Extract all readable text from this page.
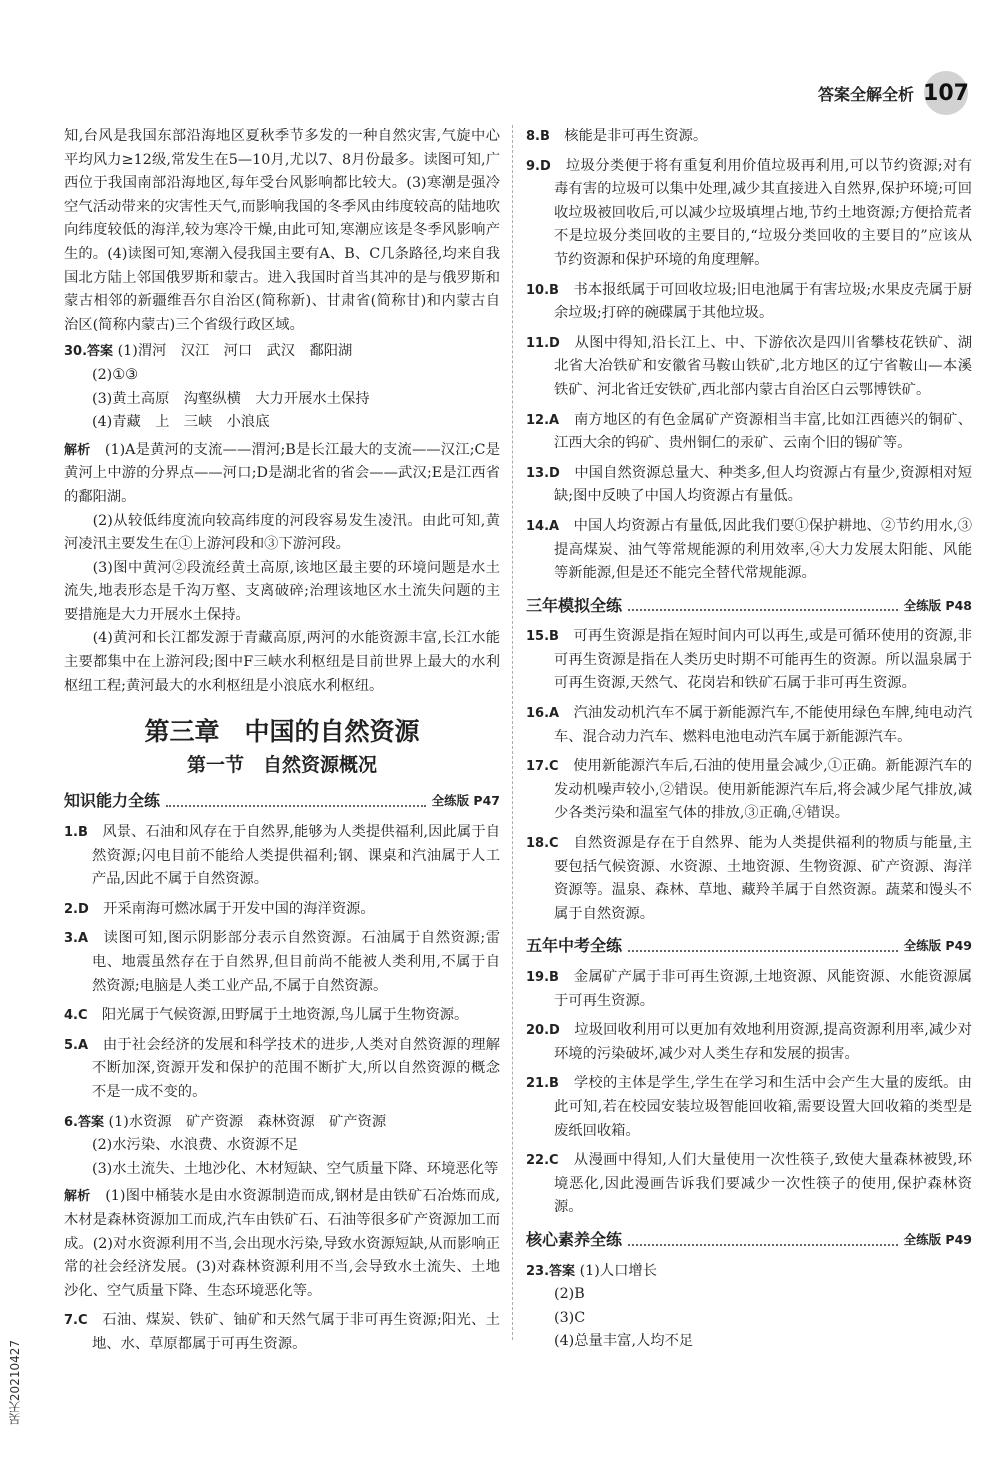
答案全解全析 107
吴天20210427

知,台风是我国东部沿海地区夏秋季节多发的一种自然灾害,气旋中心平均风力≥12级,常发生在5—10月,尤以7、8月份最多。读图可知,广西位于我国南部沿海地区,每年受台风影响都比较大。(3)寒潮是强冷空气活动带来的灾害性天气,而影响我国的冬季风由纬度较高的陆地吹向纬度较低的海洋,较为寒冷干燥,由此可知,寒潮应该是冬季风影响产生的。(4)读图可知,寒潮入侵我国主要有A、B、C几条路径,均来自我国北方陆上邻国俄罗斯和蒙古。进入我国时首当其冲的是与俄罗斯和蒙古相邻的新疆维吾尔自治区(简称新)、甘肃省(简称甘)和内蒙古自治区(简称内蒙古)三个省级行政区域。

30.答案 (1)渭河　汉江　河口　武汉　鄱阳湖

(2)①③

(3)黄土高原　沟壑纵横　大力开展水土保持

(4)青藏　上　三峡　小浪底

解析　 (1)A是黄河的支流——渭河;B是长江最大的支流——汉江;C是黄河上中游的分界点——河口;D是湖北省的省会——武汉;E是江西省的鄱阳湖。

(2)从较低纬度流向较高纬度的河段容易发生凌汛。由此可知,黄河凌汛主要发生在①上游河段和③下游河段。

(3)图中黄河②段流经黄土高原,该地区最主要的环境问题是水土流失,地表形态是千沟万壑、支离破碎;治理该地区水土流失问题的主要措施是大力开展水土保持。

(4)黄河和长江都发源于青藏高原,两河的水能资源丰富,长江水能主要都集中在上游河段;图中F三峡水利枢纽是目前世界上最大的水利枢纽工程;黄河最大的水利枢纽是小浪底水利枢纽。

第三章　中国的自然资源
第一节　自然资源概况
知识能力全练	全练版 P47

1.B　 风景、石油和风存在于自然界,能够为人类提供福利,因此属于自然资源;闪电目前不能给人类提供福利;钢、课桌和汽油属于人工产品,因此不属于自然资源。

2.D　 开采南海可燃冰属于开发中国的海洋资源。

3.A　 读图可知,图示阴影部分表示自然资源。石油属于自然资源;雷电、地震虽然存在于自然界,但目前尚不能被人类利用,不属于自然资源;电脑是人类工业产品,不属于自然资源。

4.C　 阳光属于气候资源,田野属于土地资源,鸟儿属于生物资源。

5.A　 由于社会经济的发展和科学技术的进步,人类对自然资源的理解不断加深,资源开发和保护的范围不断扩大,所以自然资源的概念不是一成不变的。

6.答案 (1)水资源　矿产资源　森林资源　矿产资源

(2)水污染、水浪费、水资源不足

(3)水土流失、土地沙化、木材短缺、空气质量下降、环境恶化等

解析　 (1)图中桶装水是由水资源制造而成,钢材是由铁矿石冶炼而成,木材是森林资源加工而成,汽车由铁矿石、石油等很多矿产资源加工而成。(2)对水资源利用不当,会出现水污染,导致水资源短缺,从而影响正常的社会经济发展。(3)对森林资源利用不当,会导致水土流失、土地沙化、空气质量下降、生态环境恶化等。

7.C　 石油、煤炭、铁矿、铀矿和天然气属于非可再生资源;阳光、土地、水、草原都属于可再生资源。

8.B　 核能是非可再生资源。

9.D　 垃圾分类便于将有重复利用价值垃圾再利用,可以节约资源;对有毒有害的垃圾可以集中处理,减少其直接进入自然界,保护环境;可回收垃圾被回收后,可以减少垃圾填埋占地,节约土地资源;方便拾荒者不是垃圾分类回收的主要目的,“垃圾分类回收的主要目的”应该从节约资源和保护环境的角度理解。

10.B　 书本报纸属于可回收垃圾;旧电池属于有害垃圾;水果皮壳属于厨余垃圾;打碎的碗碟属于其他垃圾。

11.D　 从图中得知,沿长江上、中、下游依次是四川省攀枝花铁矿、湖北省大冶铁矿和安徽省马鞍山铁矿,北方地区的辽宁省鞍山—本溪铁矿、河北省迁安铁矿,西北部内蒙古自治区白云鄂博铁矿。

12.A　 南方地区的有色金属矿产资源相当丰富,比如江西德兴的铜矿、江西大余的钨矿、贵州铜仁的汞矿、云南个旧的锡矿等。

13.D　 中国自然资源总量大、种类多,但人均资源占有量少,资源相对短缺;图中反映了中国人均资源占有量低。

14.A　 中国人均资源占有量低,因此我们要①保护耕地、②节约用水,③提高煤炭、油气等常规能源的利用效率,④大力发展太阳能、风能等新能源,但是还不能完全替代常规能源。

三年模拟全练	全练版 P48

15.B　 可再生资源是指在短时间内可以再生,或是可循环使用的资源,非可再生资源是指在人类历史时期不可能再生的资源。所以温泉属于可再生资源,天然气、花岗岩和铁矿石属于非可再生资源。

16.A　 汽油发动机汽车不属于新能源汽车,不能使用绿色车牌,纯电动汽车、混合动力汽车、燃料电池电动汽车属于新能源汽车。

17.C　 使用新能源汽车后,石油的使用量会减少,①正确。新能源汽车的发动机噪声较小,②错误。使用新能源汽车后,将会减少尾气排放,减少各类污染和温室气体的排放,③正确,④错误。

18.C　 自然资源是存在于自然界、能为人类提供福利的物质与能量,主要包括气候资源、水资源、土地资源、生物资源、矿产资源、海洋资源等。温泉、森林、草地、藏羚羊属于自然资源。蔬菜和馒头不属于自然资源。

五年中考全练	全练版 P49

19.B　 金属矿产属于非可再生资源,土地资源、风能资源、水能资源属于可再生资源。

20.D　 垃圾回收利用可以更加有效地利用资源,提高资源利用率,减少对环境的污染破坏,减少对人类生存和发展的损害。

21.B　 学校的主体是学生,学生在学习和生活中会产生大量的废纸。由此可知,若在校园安装垃圾智能回收箱,需要设置大回收箱的类型是废纸回收箱。

22.C　 从漫画中得知,人们大量使用一次性筷子,致使大量森林被毁,环境恶化,因此漫画告诉我们要减少一次性筷子的使用,保护森林资源。

核心素养全练	全练版 P49

23.答案 (1)人口增长

(2)B

(3)C

(4)总量丰富,人均不足
